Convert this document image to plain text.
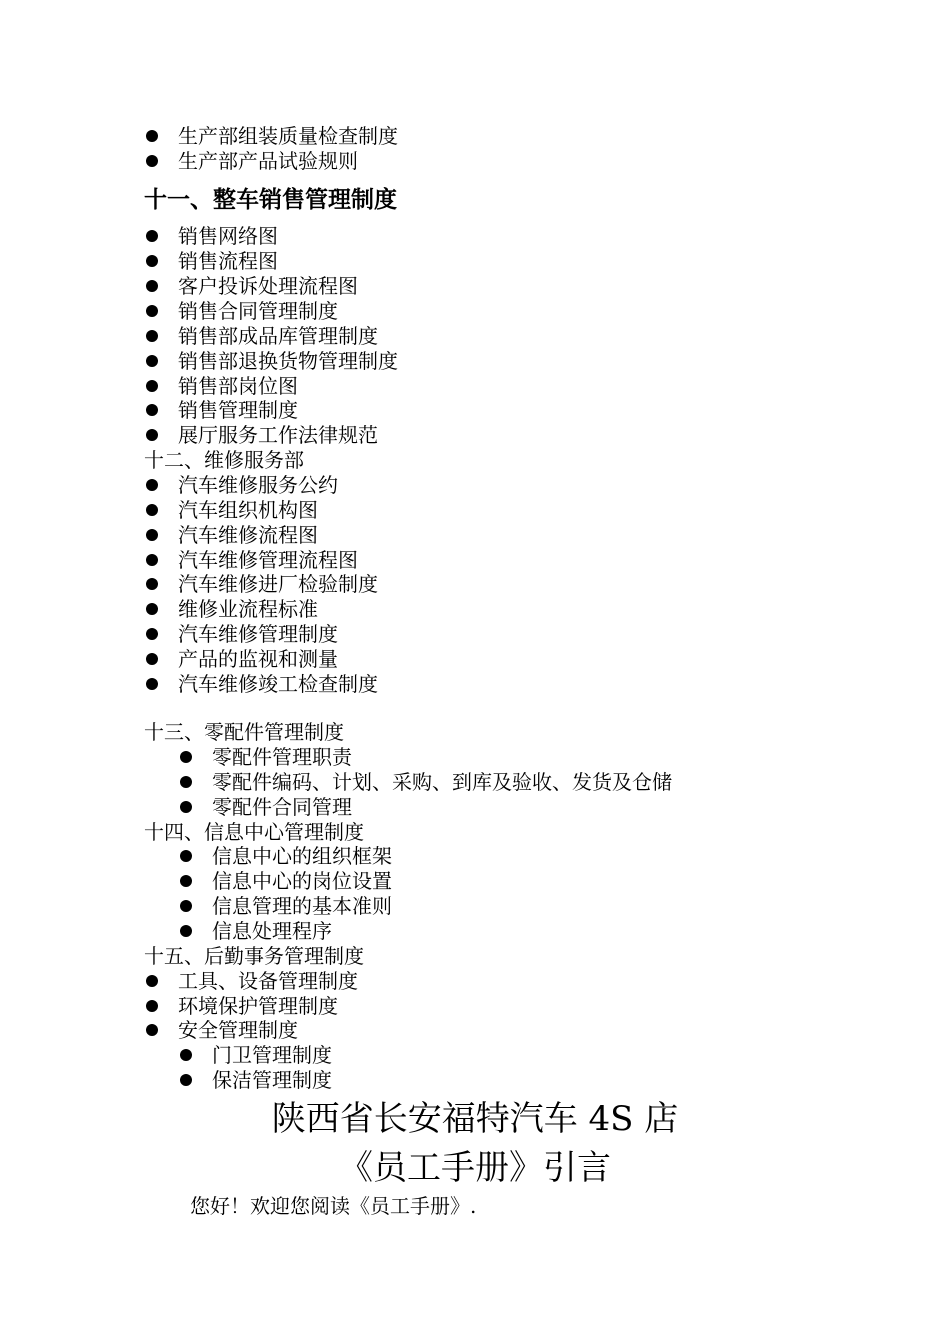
生产部组装质量检查制度
生产部产品试验规则
十一、整车销售管理制度
销售网络图
销售流程图
客户投诉处理流程图
销售合同管理制度
销售部成品库管理制度
销售部退换货物管理制度
销售部岗位图
销售管理制度
展厅服务工作法律规范
十二、维修服务部
汽车维修服务公约
汽车组织机构图
汽车维修流程图
汽车维修管理流程图
汽车维修进厂检验制度
维修业流程标准
汽车维修管理制度
产品的监视和测量
汽车维修竣工检查制度
十三、零配件管理制度
零配件管理职责
零配件编码、计划、采购、到库及验收、发货及仓储
零配件合同管理
十四、信息中心管理制度
信息中心的组织框架
信息中心的岗位设置
信息管理的基本准则
信息处理程序
十五、后勤事务管理制度
工具、设备管理制度
环境保护管理制度
安全管理制度
门卫管理制度
保洁管理制度
陕西省长安福特汽车 4S 店
《员工手册》引言
您好！欢迎您阅读《员工手册》.
